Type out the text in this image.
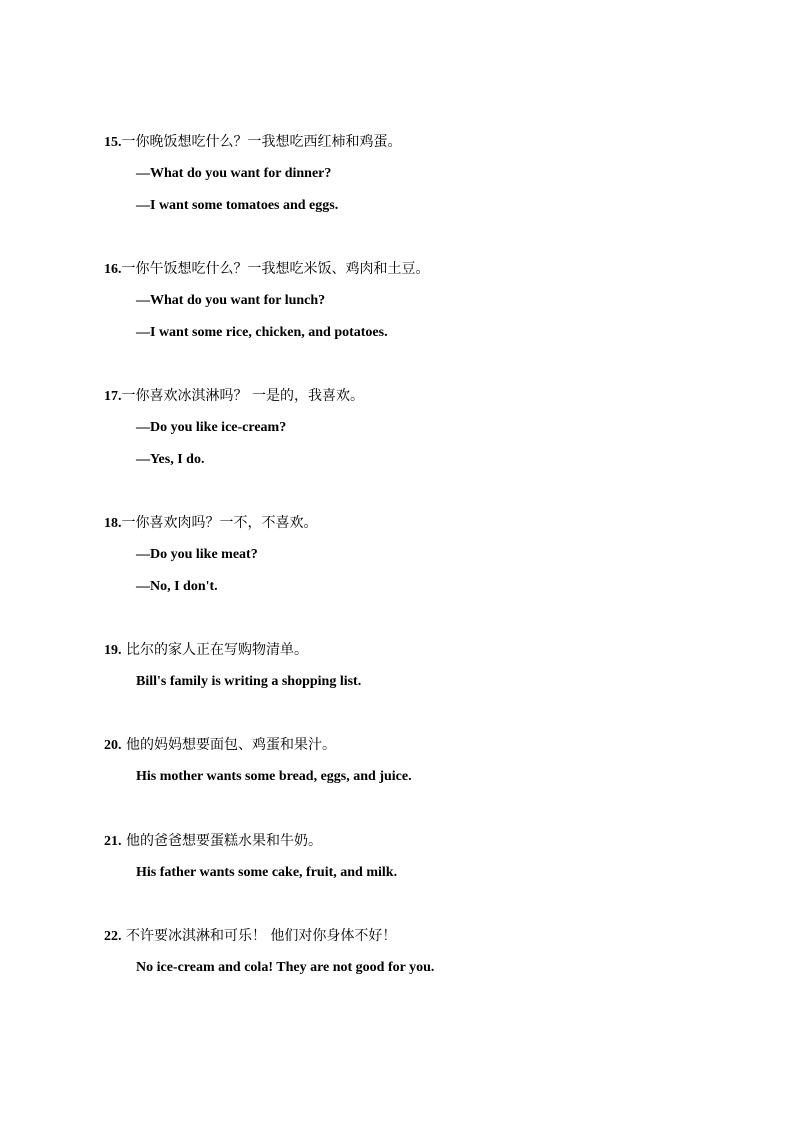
15.一你晚饭想吃什么？一我想吃西红柿和鸡蛋。
—What do you want for dinner?
—I want some tomatoes and eggs.
16.一你午饭想吃什么？一我想吃米饭、鸡肉和土豆。
—What do you want for lunch?
—I want some rice, chicken, and potatoes.
17.一你喜欢冰淇淋吗？ 一是的，我喜欢。
—Do you like ice-cream?
—Yes, I do.
18.一你喜欢肉吗？一不，不喜欢。
—Do you like meat?
—No, I don't.
19. 比尔的家人正在写购物清单。
Bill's family is writing a shopping list.
20. 他的妈妈想要面包、鸡蛋和果汁。
His mother wants some bread, eggs, and juice.
21. 他的爸爸想要蛋糕水果和牛奶。
His father wants some cake, fruit, and milk.
22. 不许要冰淇淋和可乐！ 他们对你身体不好！
No ice-cream and cola! They are not good for you.
